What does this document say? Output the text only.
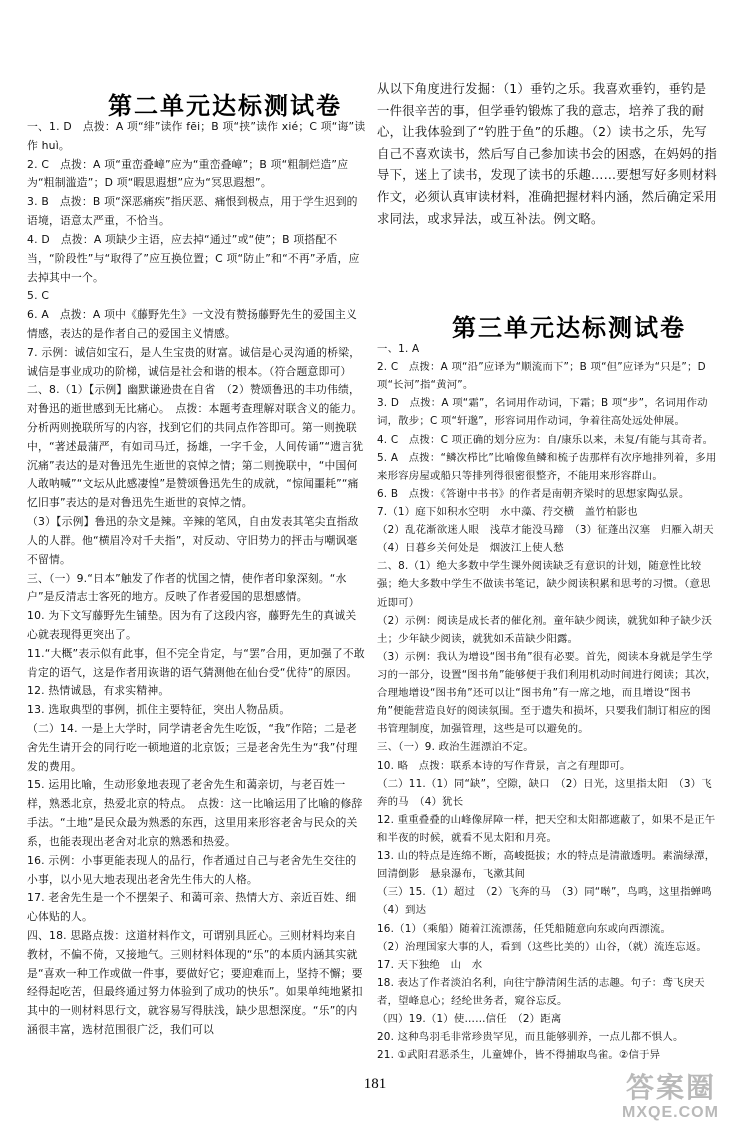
第二单元达标测试卷
一、1. D　点拨：A 项“绯”读作 fēi；B 项“挟”读作 xié；C 项“诲”读作 huì。
2. C　点拨：A 项“重峦叠嶂”应为“重峦叠嶂”；B 项“粗制烂造”应为“粗制滥造”；D 项“暇思遐想”应为“冥思遐想”。
3. B　点拨：B 项“深恶痛疾”指厌恶、痛恨到极点，用于学生迟到的语境，语意太严重，不恰当。
4. D　点拨：A 项缺少主语，应去掉“通过”或“使”；B 项搭配不当，“阶段性”与“取得了”应互换位置；C 项“防止”和“不再”矛盾，应去掉其中一个。
5. C
6. A　点拨：A 项中《藤野先生》一文没有赞扬藤野先生的爱国主义情感，表达的是作者自己的爱国主义情感。
7. 示例：诚信如宝石，是人生宝贵的财富。诚信是心灵沟通的桥梁，诚信是事业成功的阶梯，诚信是社会和谐的根本。（符合题意即可）
二、8.（1）【示例】幽默谦逊贵在自省　（2）赞颂鲁迅的丰功伟绩，对鲁迅的逝世感到无比痛心。　点拨：本题考查理解对联含义的能力。分析两则挽联所写的内容，找到它们的共同点作答即可。第一则挽联中，“著述最蒲严，有如司马迁，扬雄，一字千金，人间传诵”“遗言犹沉痛”表达的是对鲁迅先生逝世的哀悼之情；第二则挽联中，“中国何人敢呐喊”“文坛从此感凄惶”是赞颂鲁迅先生的成就，“惊闻噩耗”“痛忆旧事”表达的是对鲁迅先生逝世的哀悼之情。
（3）【示例】鲁迅的杂文是辣。辛辣的笔风，自由发表其笔尖直指敌人的人群。他“横眉冷对千夫指”，对反动、守旧势力的抨击与嘲讽毫不留情。
三、（一）9.“日本”触发了作者的忧国之情，使作者印象深刻。“水户”是反清志士客死的地方。反映了作者爱国的思想感情。
10. 为下文写藤野先生铺垫。因为有了这段内容，藤野先生的真诚关心就表现得更突出了。
11.“大概”表示似有此事，但不完全肯定，与“罢”合用，更加强了不敢肯定的语气，这是作者用诙谐的语气猜测他在仙台受“优待”的原因。
12. 热情诚恳，有求实精神。
13. 选取典型的事例，抓住主要特征，突出人物品质。
（二）14. 一是上大学时，同学请老舍先生吃饭，“我”作陪；二是老舍先生请开会的同行吃一顿地道的北京饭；三是老舍先生为“我”付理发的费用。
15. 运用比喻，生动形象地表现了老舍先生和蔼亲切，与老百姓一样，熟悉北京，热爱北京的特点。　点拨：这一比喻运用了比喻的修辞手法。“土地”是民众最为熟悉的东西，这里用来形容老舍与民众的关系，也能表现出老舍对北京的熟悉和热爱。
16. 示例：小事更能表现人的品行，作者通过自己与老舍先生交往的小事，以小见大地表现出老舍先生伟大的人格。
17. 老舍先生是一个不摆架子、和蔼可亲、热情大方、亲近百姓、细心体贴的人。
四、18. 思路点拨：这道材料作文，可谓别具匠心。三则材料均来自教材，不偏不倚，又接地气。三则材料体现的“乐”的本质内涵其实就是“喜欢一种工作或做一件事，要做好它；要迎难而上，坚持不懈；要经得起吃苦，但最终通过努力体验到了成功的快乐”。如果单纯地紧扣其中的一则材料思行文，就容易写得肤浅，缺少思想深度。“乐”的内涵很丰富，选材范围很广泛，我们可以
从以下角度进行发掘：（1）垂钓之乐。我喜欢垂钓，垂钓是一件很辛苦的事，但学垂钓锻炼了我的意志，培养了我的耐心，让我体验到了“钓胜于鱼”的乐趣。（2）读书之乐，先写自己不喜欢读书，然后写自己参加读书会的困惑，在妈妈的指导下，迷上了读书，发现了读书的乐趣……要想写好多则材料作文，必须认真审读材料，准确把握材料内涵，然后确定采用求同法，或求异法，或互补法。例文略。
第三单元达标测试卷
一、1. A
2. C　点拨：A 项“沿”应译为“顺流而下”；B 项“但”应译为“只是”；D 项“长河”指“黄河”。
3. D　点拨：A 项“霜”，名词用作动词，下霜；B 项“步”，名词用作动词，散步；C 项“轩邈”，形容词用作动词，争着往高处远处伸展。
4. C　点拨：C 项正确的划分应为：自/康乐以来，未复/有能与其奇者。
5. A　点拨：“鳞次栉比”比喻像鱼鳞和梳子齿那样有次序地排列着，多用来形容房屋或船只等排列得很密很整齐，不能用来形容群山。
6. B　点拨：《答谢中书书》的作者是南朝齐梁时的思想家陶弘景。
7.（1）庭下如积水空明　水中藻、荇交横　盖竹柏影也
（2）乱花渐欲迷人眼　浅草才能没马蹄　（3）征蓬出汉塞　归雁入胡天　（4）日暮乡关何处是　烟波江上使人愁
二、8.（1）绝大多数中学生课外阅读缺乏有意识的计划，随意性比较强；绝大多数中学生不做读书笔记，缺少阅读积累和思考的习惯。（意思近即可）
（2）示例：阅读是成长者的催化剂。童年缺少阅读，就犹如种子缺少沃土；少年缺少阅读，就犹如禾苗缺少阳露。
（3）示例：我认为增设“图书角”很有必要。首先，阅读本身就是学生学习的一部分，设置“图书角”能够便于我们利用机动时间进行阅读；其次，合理地增设“图书角”还可以让“图书角”有一席之地，而且增设“图书角”便能营造良好的阅读氛围。至于遗失和损坏，只要我们制订相应的图书管理制度，加强管理，这些是可以避免的。
三、（一）9. 政治生涯漂泊不定。
10. 略　点拨：联系本诗的写作背景，言之有理即可。
（二）11.（1）同“缺”，空隙，缺口　（2）日光，这里指太阳　（3）飞奔的马　（4）犹长
12. 重重叠叠的山峰像屏障一样，把天空和太阳都遮蔽了，如果不是正午和半夜的时候，就看不见太阳和月亮。
13. 山的特点是连绵不断，高峻挺拔；水的特点是清澈透明。素湍绿潭，回清倒影　悬泉瀑布，飞漱其间
（三）15.（1）超过　（2）飞奔的马　（3）同“啭”，鸟鸣，这里指蝉鸣　（4）到达
16.（1）（乘船）随着江流漂荡，任凭船随意向东或向西漂流。
（2）治理国家大事的人，看到（这些比美的）山谷，（就）流连忘返。
17. 天下独绝　山　水
18. 表达了作者淡泊名利，向往宁静清闲生活的志趣。句子：鸢飞戾天者，望峰息心；经纶世务者，窥谷忘反。
（四）19.（1）使……信任　（2）距离
20. 这种鸟羽毛非常珍贵罕见，而且能够驯养，一点儿都不惧人。
21. ①武阳君恶杀生，儿童婢仆，皆不得捕取鸟雀。②信于异
181	答案圈
MXQE.COM
